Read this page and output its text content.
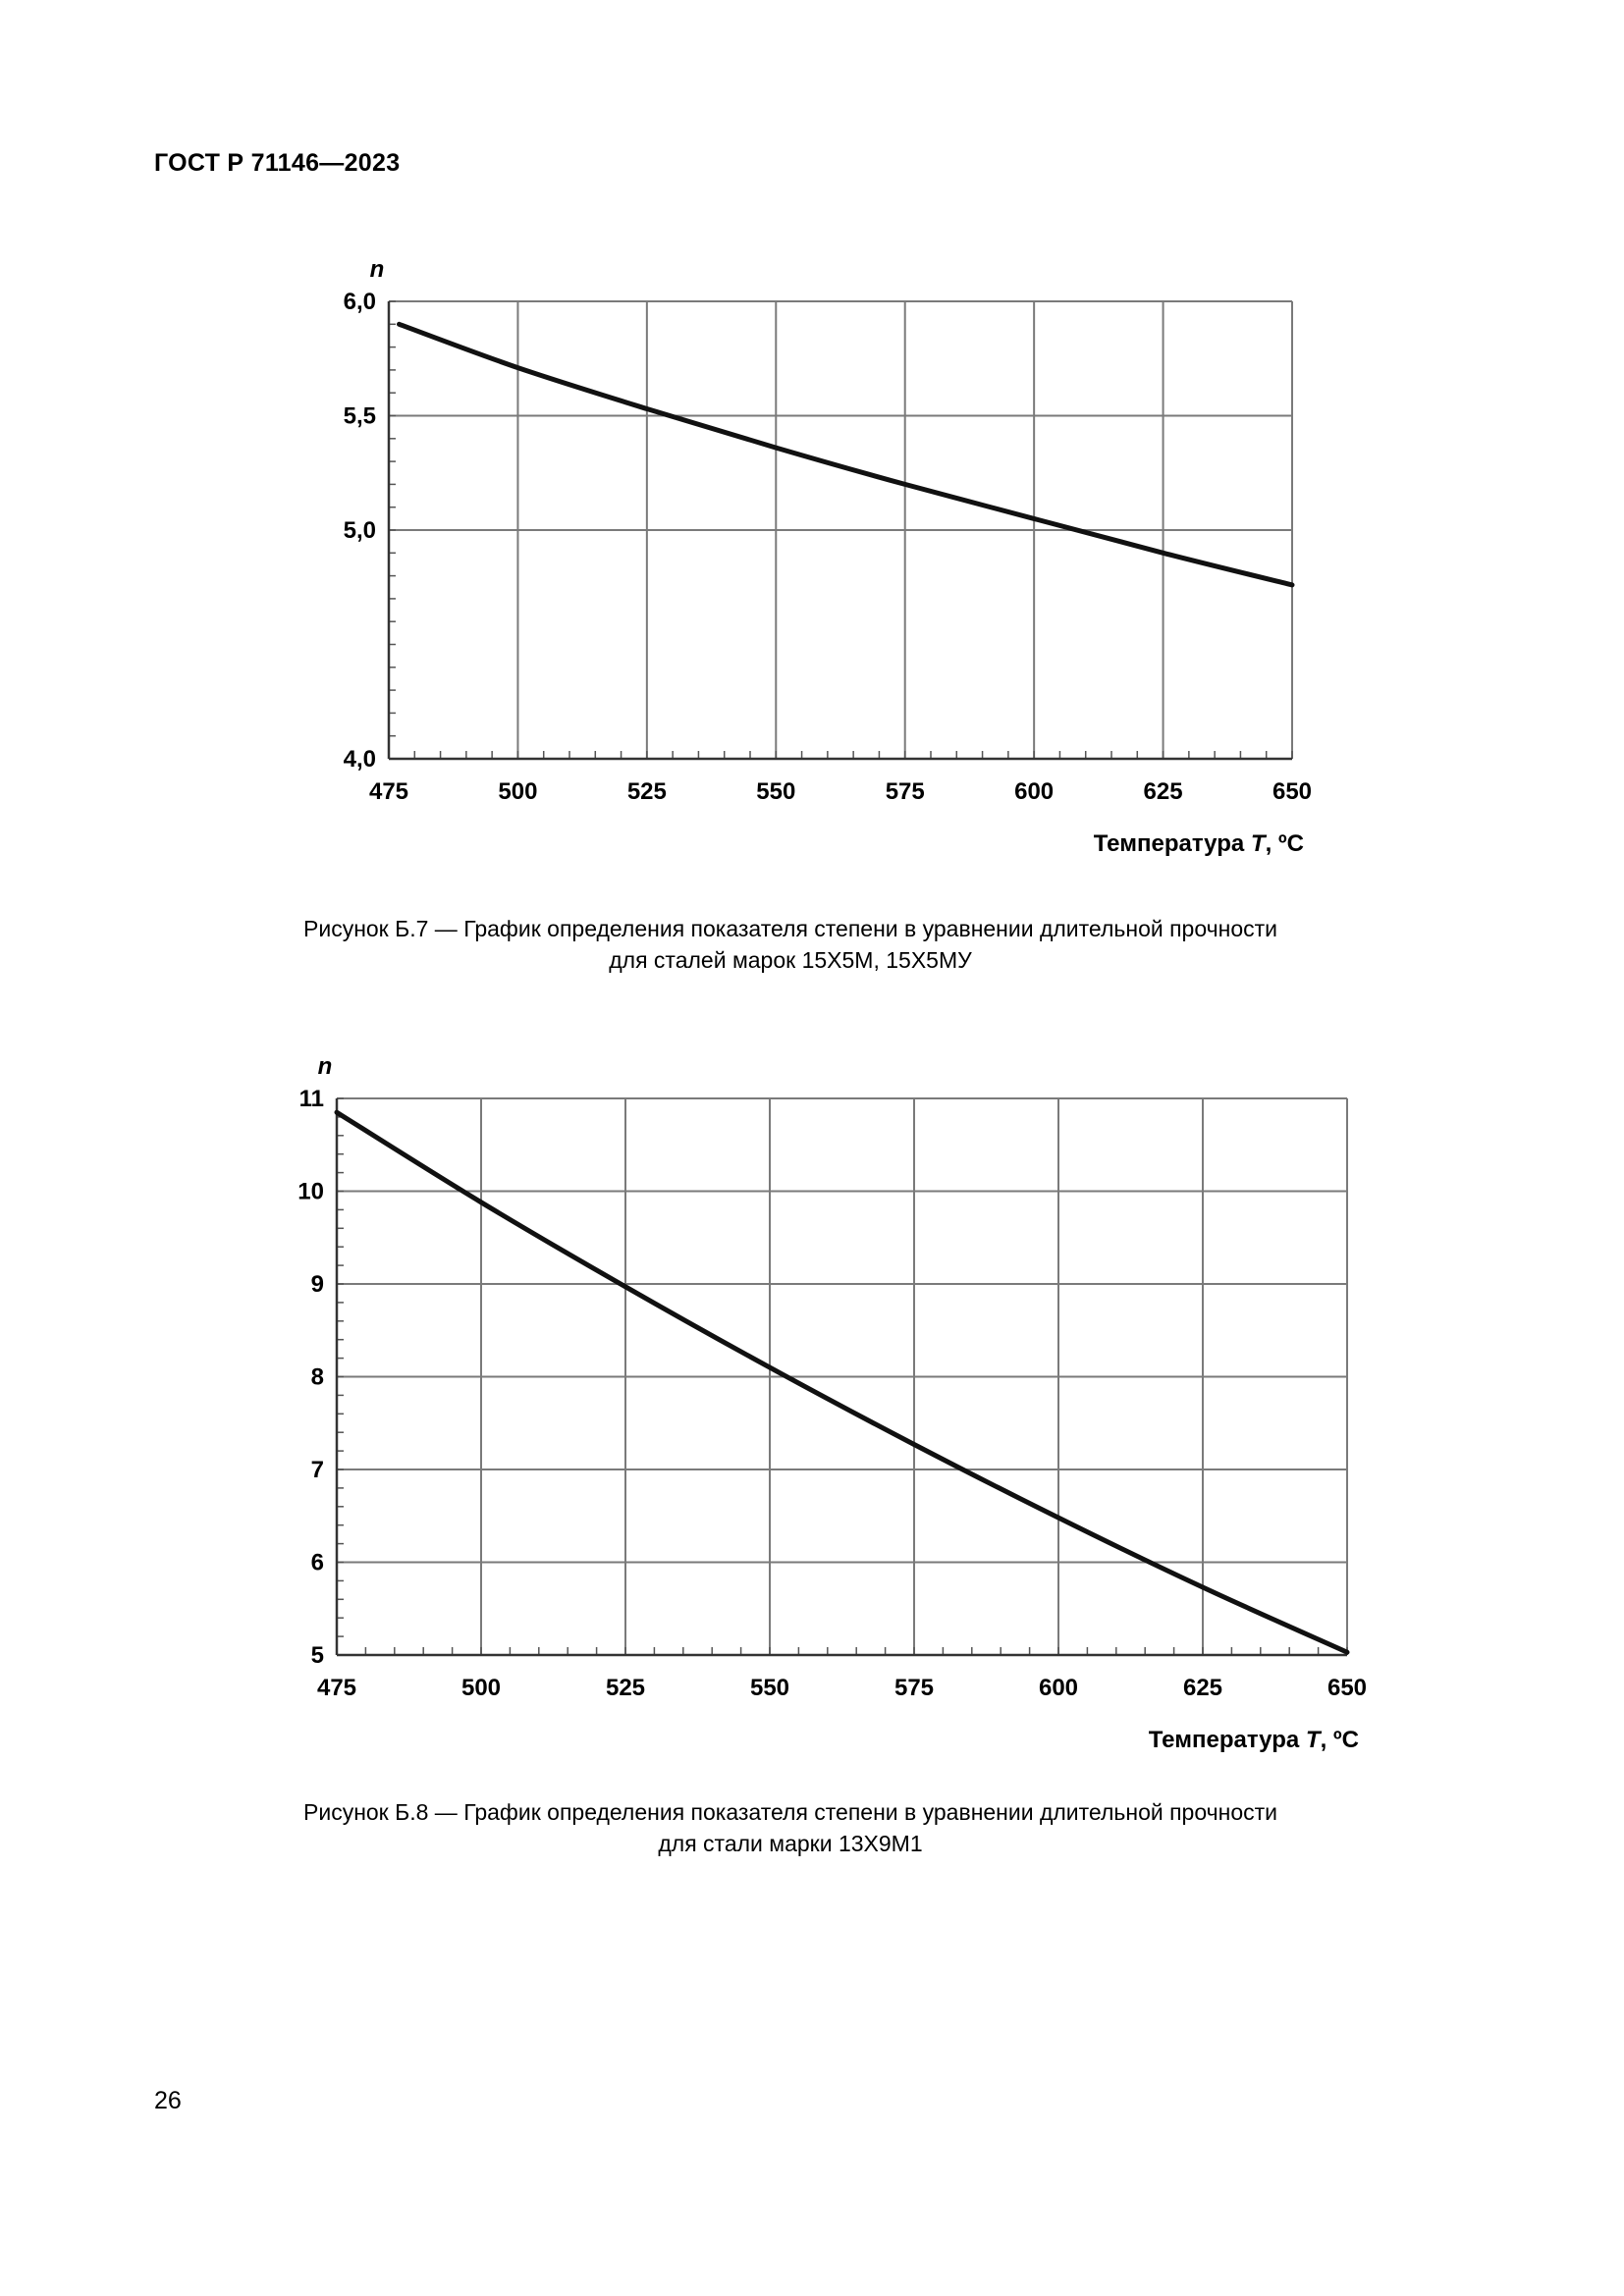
ГОСТ Р 71146—2023
475	500	525	550	575	600	625	650
4,0
5,0
5,5
6,0
n
Температура T, ºС
Рисунок Б.7 — График определения показателя степени в уравнении длительной прочности
для сталей марок 15Х5М, 15Х5МУ
475	500	525	550	575	600	625	650
5
6
7
8
9
10
11
n
Температура T, ºС
Рисунок Б.8 — График определения показателя степени в уравнении длительной прочности
для стали марки 13Х9М1
26
